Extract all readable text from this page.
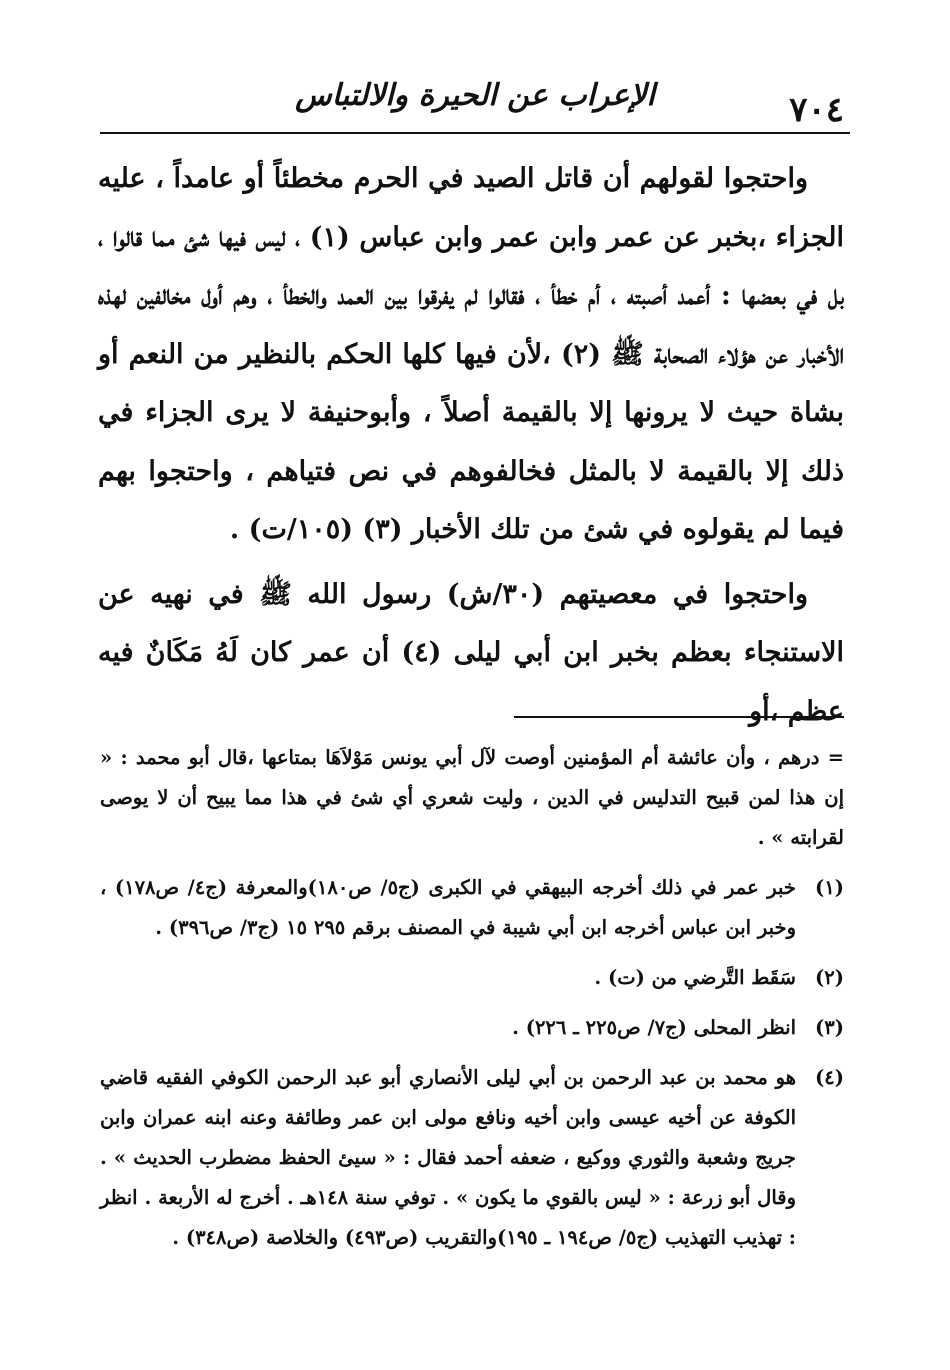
٧٠٤
الإعراب عن الحيرة والالتباس

واحتجوا لقولهم أن قاتل الصيد في الحرم مخطئاً أو عامداً ، عليه الجزاء ،بخبر عن عمر وابن عمر وابن عباس (١) ، ليس فيها شئ مما قالوا ، بل في بعضها : أعمد أصبته ، أم خطأ ، فقالوا لم يفرقوا بين العمد والخطأ ، وهم أول مخالفين لهذه الأخبار عن هؤلاء الصحابة ﷺ (٢) ،لأن فيها كلها الحكم بالنظير من النعم أو بشاة حيث لا يرونها إلا بالقيمة أصلاً ، وأبوحنيفة لا يرى الجزاء في ذلك إلا بالقيمة لا بالمثل فخالفوهم في نص فتياهم ، واحتجوا بهم فيما لم يقولوه في شئ من تلك الأخبار (٣) (١٠٥/ت) .

واحتجوا في معصيتهم (٣٠/ش) رسول الله ﷺ في نهيه عن الاستنجاء بعظم بخبر ابن أبي ليلى (٤) أن عمر كان لَهُ مَكَانٌ فيه عظم ،أو

= درهم ، وأن عائشة أم المؤمنين أوصت لآل أبي يونس مَوْلاَهَا بمتاعها ،قال أبو محمد : « إن هذا لمن قبيح التدليس في الدين ، وليت شعري أي شئ في هذا مما يبيح أن لا يوصى لقرابته » .

(١)
خبر عمر في ذلك أخرجه البيهقي في الكبرى (ج٥/ ص١٨٠)والمعرفة (ج٤/ ص١٧٨) ، وخبر ابن عباس أخرجه ابن أبي شيبة في المصنف برقم ٢٩٥ ١٥ (ج٣/ ص٣٩٦) .
(٢)
سَقَط التَّرضي من (ت) .
(٣)
انظر المحلى (ج٧/ ص٢٢٥ ـ ٢٢٦) .
(٤)
هو محمد بن عبد الرحمن بن أبي ليلى الأنصاري أبو عبد الرحمن الكوفي الفقيه قاضي الكوفة عن أخيه عيسى وابن أخيه ونافع مولى ابن عمر وطائفة وعنه ابنه عمران وابن جريج وشعبة والثوري ووكيع ، ضعفه أحمد فقال : « سيئ الحفظ مضطرب الحديث » . وقال أبو زرعة : « ليس بالقوي ما يكون » . توفي سنة ١٤٨هـ . أخرج له الأربعة . انظر : تهذيب التهذيب (ج٥/ ص١٩٤ ـ ١٩٥)والتقريب (ص٤٩٣) والخلاصة (ص٣٤٨) .
